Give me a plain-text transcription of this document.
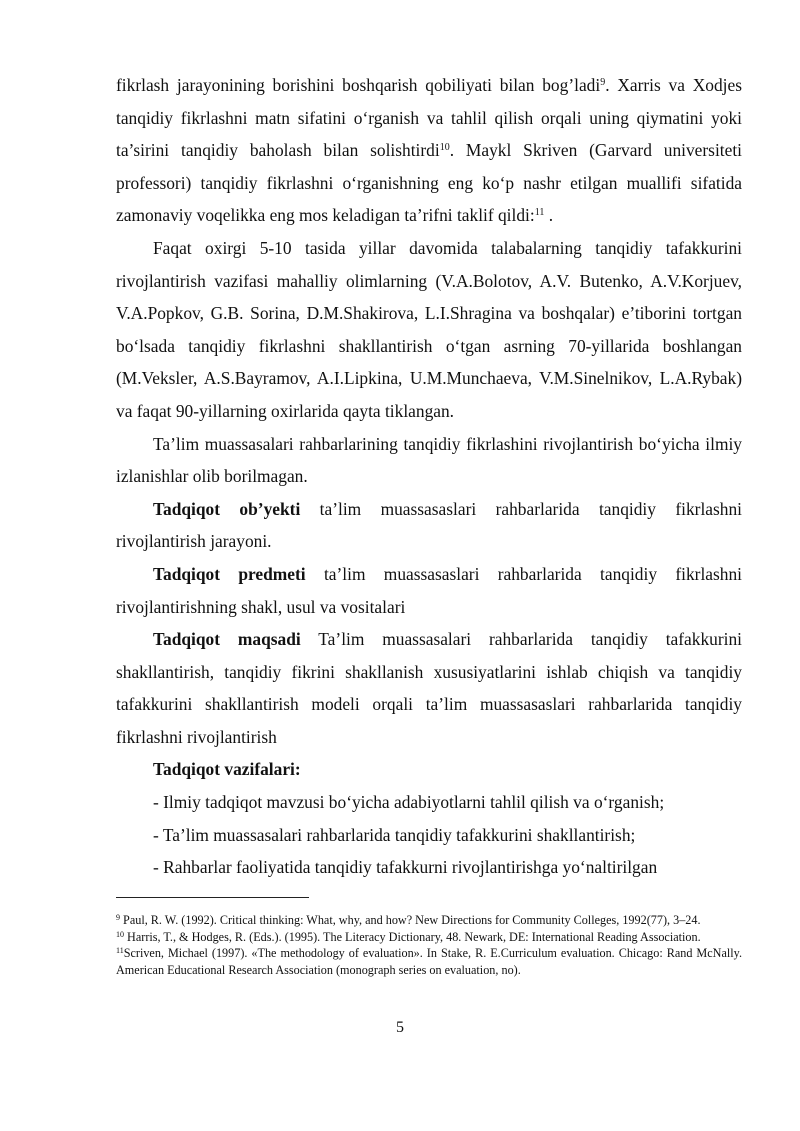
fikrlash jarayonining borishini boshqarish qobiliyati bilan bog’ladi$^9$. Xarris va Xodjes tanqidiy fikrlashni matn sifatini oʻrganish va tahlil qilish orqali uning qiymatini yoki ta’sirini tanqidiy baholash bilan solishtirdi$^{10}$. Maykl Skriven (Garvard universiteti professori) tanqidiy fikrlashni oʻrganishning eng koʻp nashr etilgan muallifi sifatida zamonaviy voqelikka eng mos keladigan ta’rifni taklif qildi:$^{11}$ .

Faqat oxirgi 5-10 tasida yillar davomida talabalarning tanqidiy tafakkurini rivojlantirish vazifasi mahalliy olimlarning (V.A.Bolotov, A.V. Butenko, A.V.Korjuev, V.A.Popkov, G.B. Sorina, D.M.Shakirova, L.I.Shragina va boshqalar) e’tiborini tortgan boʻlsada tanqidiy fikrlashni shakllantirish oʻtgan asrning 70-yillarida boshlangan (M.Veksler, A.S.Bayramov, A.I.Lipkina, U.M.Munchaeva, V.M.Sinelnikov, L.A.Rybak) va faqat 90-yillarning oxirlarida qayta tiklangan.

Ta’lim muassasalari rahbarlarining tanqidiy fikrlashini rivojlantirish boʻyicha ilmiy izlanishlar olib borilmagan.

Tadqiqot ob’yekti ta’lim muassasaslari rahbarlarida tanqidiy fikrlashni rivojlantirish jarayoni.

Tadqiqot predmeti ta’lim muassasaslari rahbarlarida tanqidiy fikrlashni rivojlantirishning shakl, usul va vositalari

Tadqiqot maqsadi Ta’lim muassasalari rahbarlarida tanqidiy tafakkurini shakllantirish, tanqidiy fikrini shakllanish xususiyatlarini ishlab chiqish va tanqidiy tafakkurini shakllantirish modeli orqali ta’lim muassasaslari rahbarlarida tanqidiy fikrlashni rivojlantirish

Tadqiqot vazifalari:

- Ilmiy tadqiqot mavzusi boʻyicha adabiyotlarni tahlil qilish va oʻrganish;

- Ta’lim muassasalari rahbarlarida tanqidiy tafakkurini shakllantirish;

- Rahbarlar faoliyatida tanqidiy tafakkurni rivojlantirishga yoʻnaltirilgan

$^9$ Paul, R. W. (1992). Critical thinking: What, why, and how? New Directions for Community Colleges, 1992(77), 3–24.

$^{10}$ Harris, T., & Hodges, R. (Eds.). (1995). The Literacy Dictionary, 48. Newark, DE: International Reading Association.

$^{11}$Scriven, Michael (1997). «The methodology of evaluation». In Stake, R. E.Curriculum evaluation. Chicago: Rand McNally. American Educational Research Association (monograph series on evaluation, no).

5
